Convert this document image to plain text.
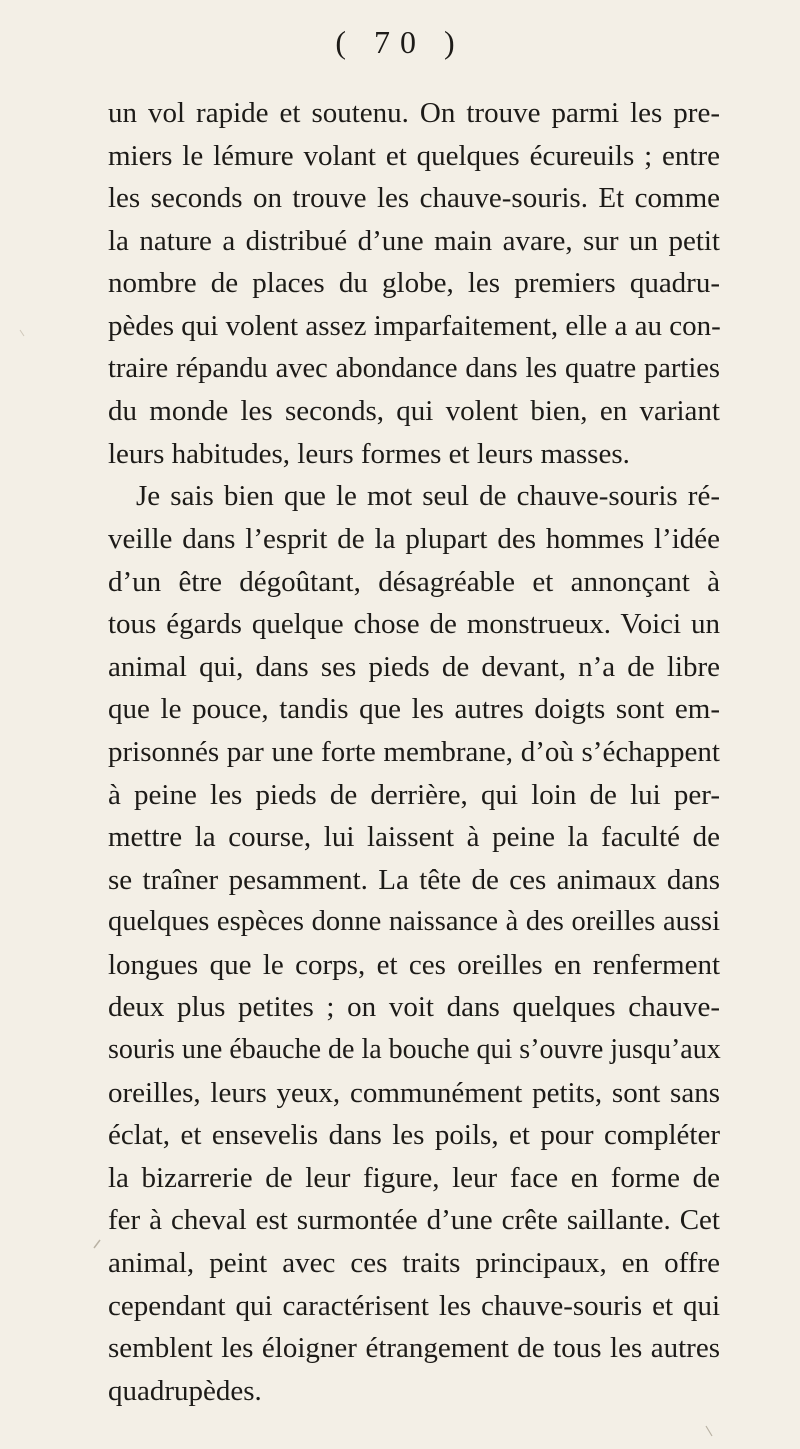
( 70 )
un vol rapide et soutenu. On trouve parmi les pre-
miers le lémure volant et quelques écureuils ; entre
les seconds on trouve les chauve-souris. Et comme
la nature a distribué d’une main avare, sur un petit
nombre de places du globe, les premiers quadru-
pèdes qui volent assez imparfaitement, elle a au con-
traire répandu avec abondance dans les quatre parties
du monde les seconds, qui volent bien, en variant
leurs habitudes, leurs formes et leurs masses.
Je sais bien que le mot seul de chauve-souris ré-
veille dans l’esprit de la plupart des hommes l’idée
d’un être dégoûtant, désagréable et annonçant à
tous égards quelque chose de monstrueux. Voici un
animal qui, dans ses pieds de devant, n’a de libre
que le pouce, tandis que les autres doigts sont em-
prisonnés par une forte membrane, d’où s’échappent
à peine les pieds de derrière, qui loin de lui per-
mettre la course, lui laissent à peine la faculté de
se traîner pesamment. La tête de ces animaux dans
quelques espèces donne naissance à des oreilles aussi
longues que le corps, et ces oreilles en renferment
deux plus petites ; on voit dans quelques chauve-
souris une ébauche de la bouche qui s’ouvre jusqu’aux
oreilles, leurs yeux, communément petits, sont sans
éclat, et ensevelis dans les poils, et pour compléter
la bizarrerie de leur figure, leur face en forme de
fer à cheval est surmontée d’une crête saillante. Cet
animal, peint avec ces traits principaux, en offre
cependant qui caractérisent les chauve-souris et qui
semblent les éloigner étrangement de tous les autres
quadrupèdes.
